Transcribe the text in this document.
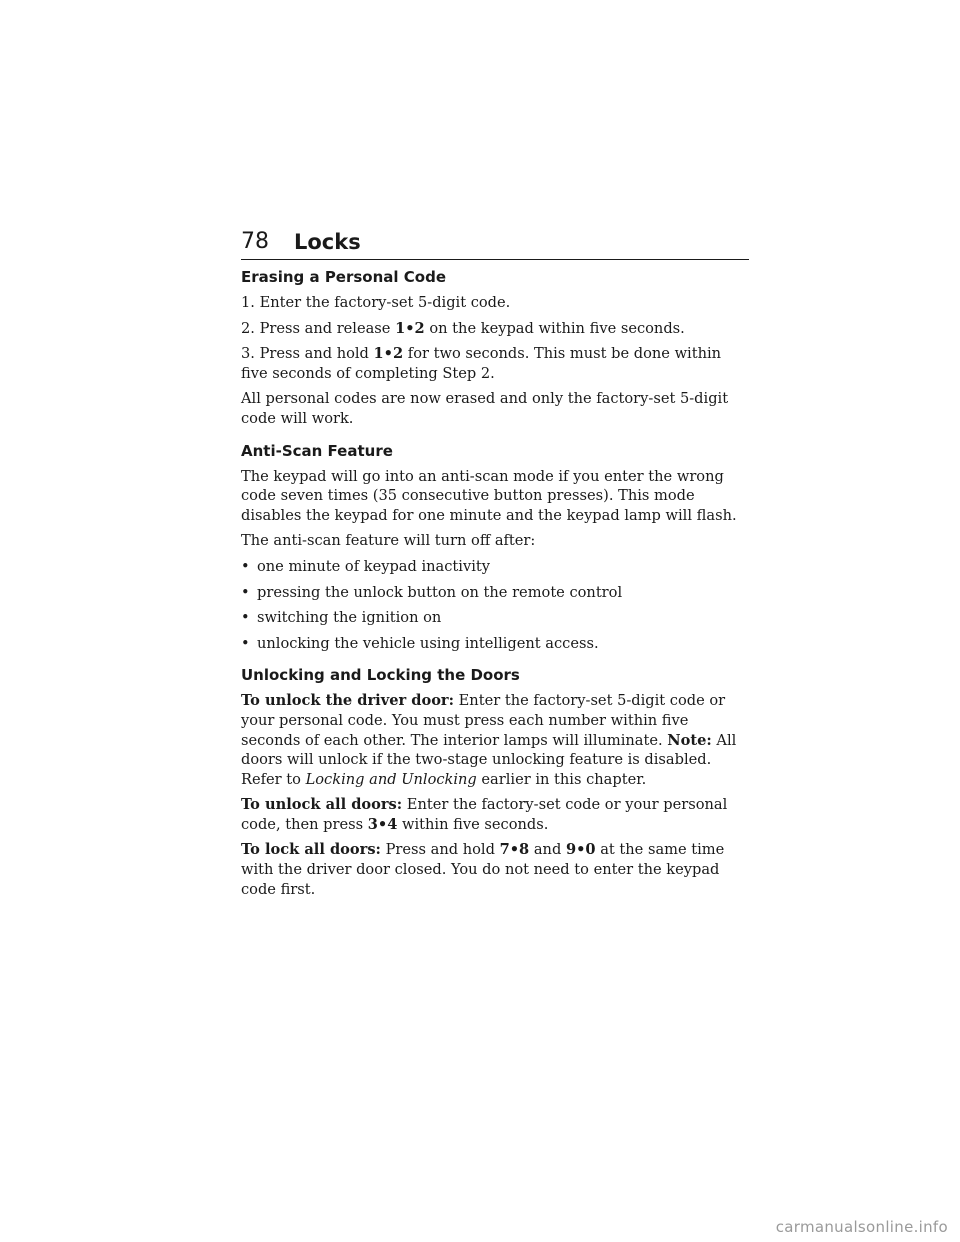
78 Locks
Erasing a Personal Code

1. Enter the factory-set 5-digit code.

2. Press and release 1•2 on the keypad within five seconds.

3. Press and hold 1•2 for two seconds. This must be done within five seconds of completing Step 2.

All personal codes are now erased and only the factory-set 5-digit code will work.

Anti-Scan Feature

The keypad will go into an anti-scan mode if you enter the wrong code seven times (35 consecutive button presses). This mode disables the keypad for one minute and the keypad lamp will flash.

The anti-scan feature will turn off after:

• one minute of keypad inactivity
• pressing the unlock button on the remote control
• switching the ignition on
• unlocking the vehicle using intelligent access.
Unlocking and Locking the Doors

To unlock the driver door: Enter the factory-set 5-digit code or your personal code. You must press each number within five seconds of each other. The interior lamps will illuminate. Note: All doors will unlock if the two-stage unlocking feature is disabled. Refer to Locking and Unlocking earlier in this chapter.

To unlock all doors: Enter the factory-set code or your personal code, then press 3•4 within five seconds.

To lock all doors: Press and hold 7•8 and 9•0 at the same time with the driver door closed. You do not need to enter the keypad code first.

carmanualsonline.info
